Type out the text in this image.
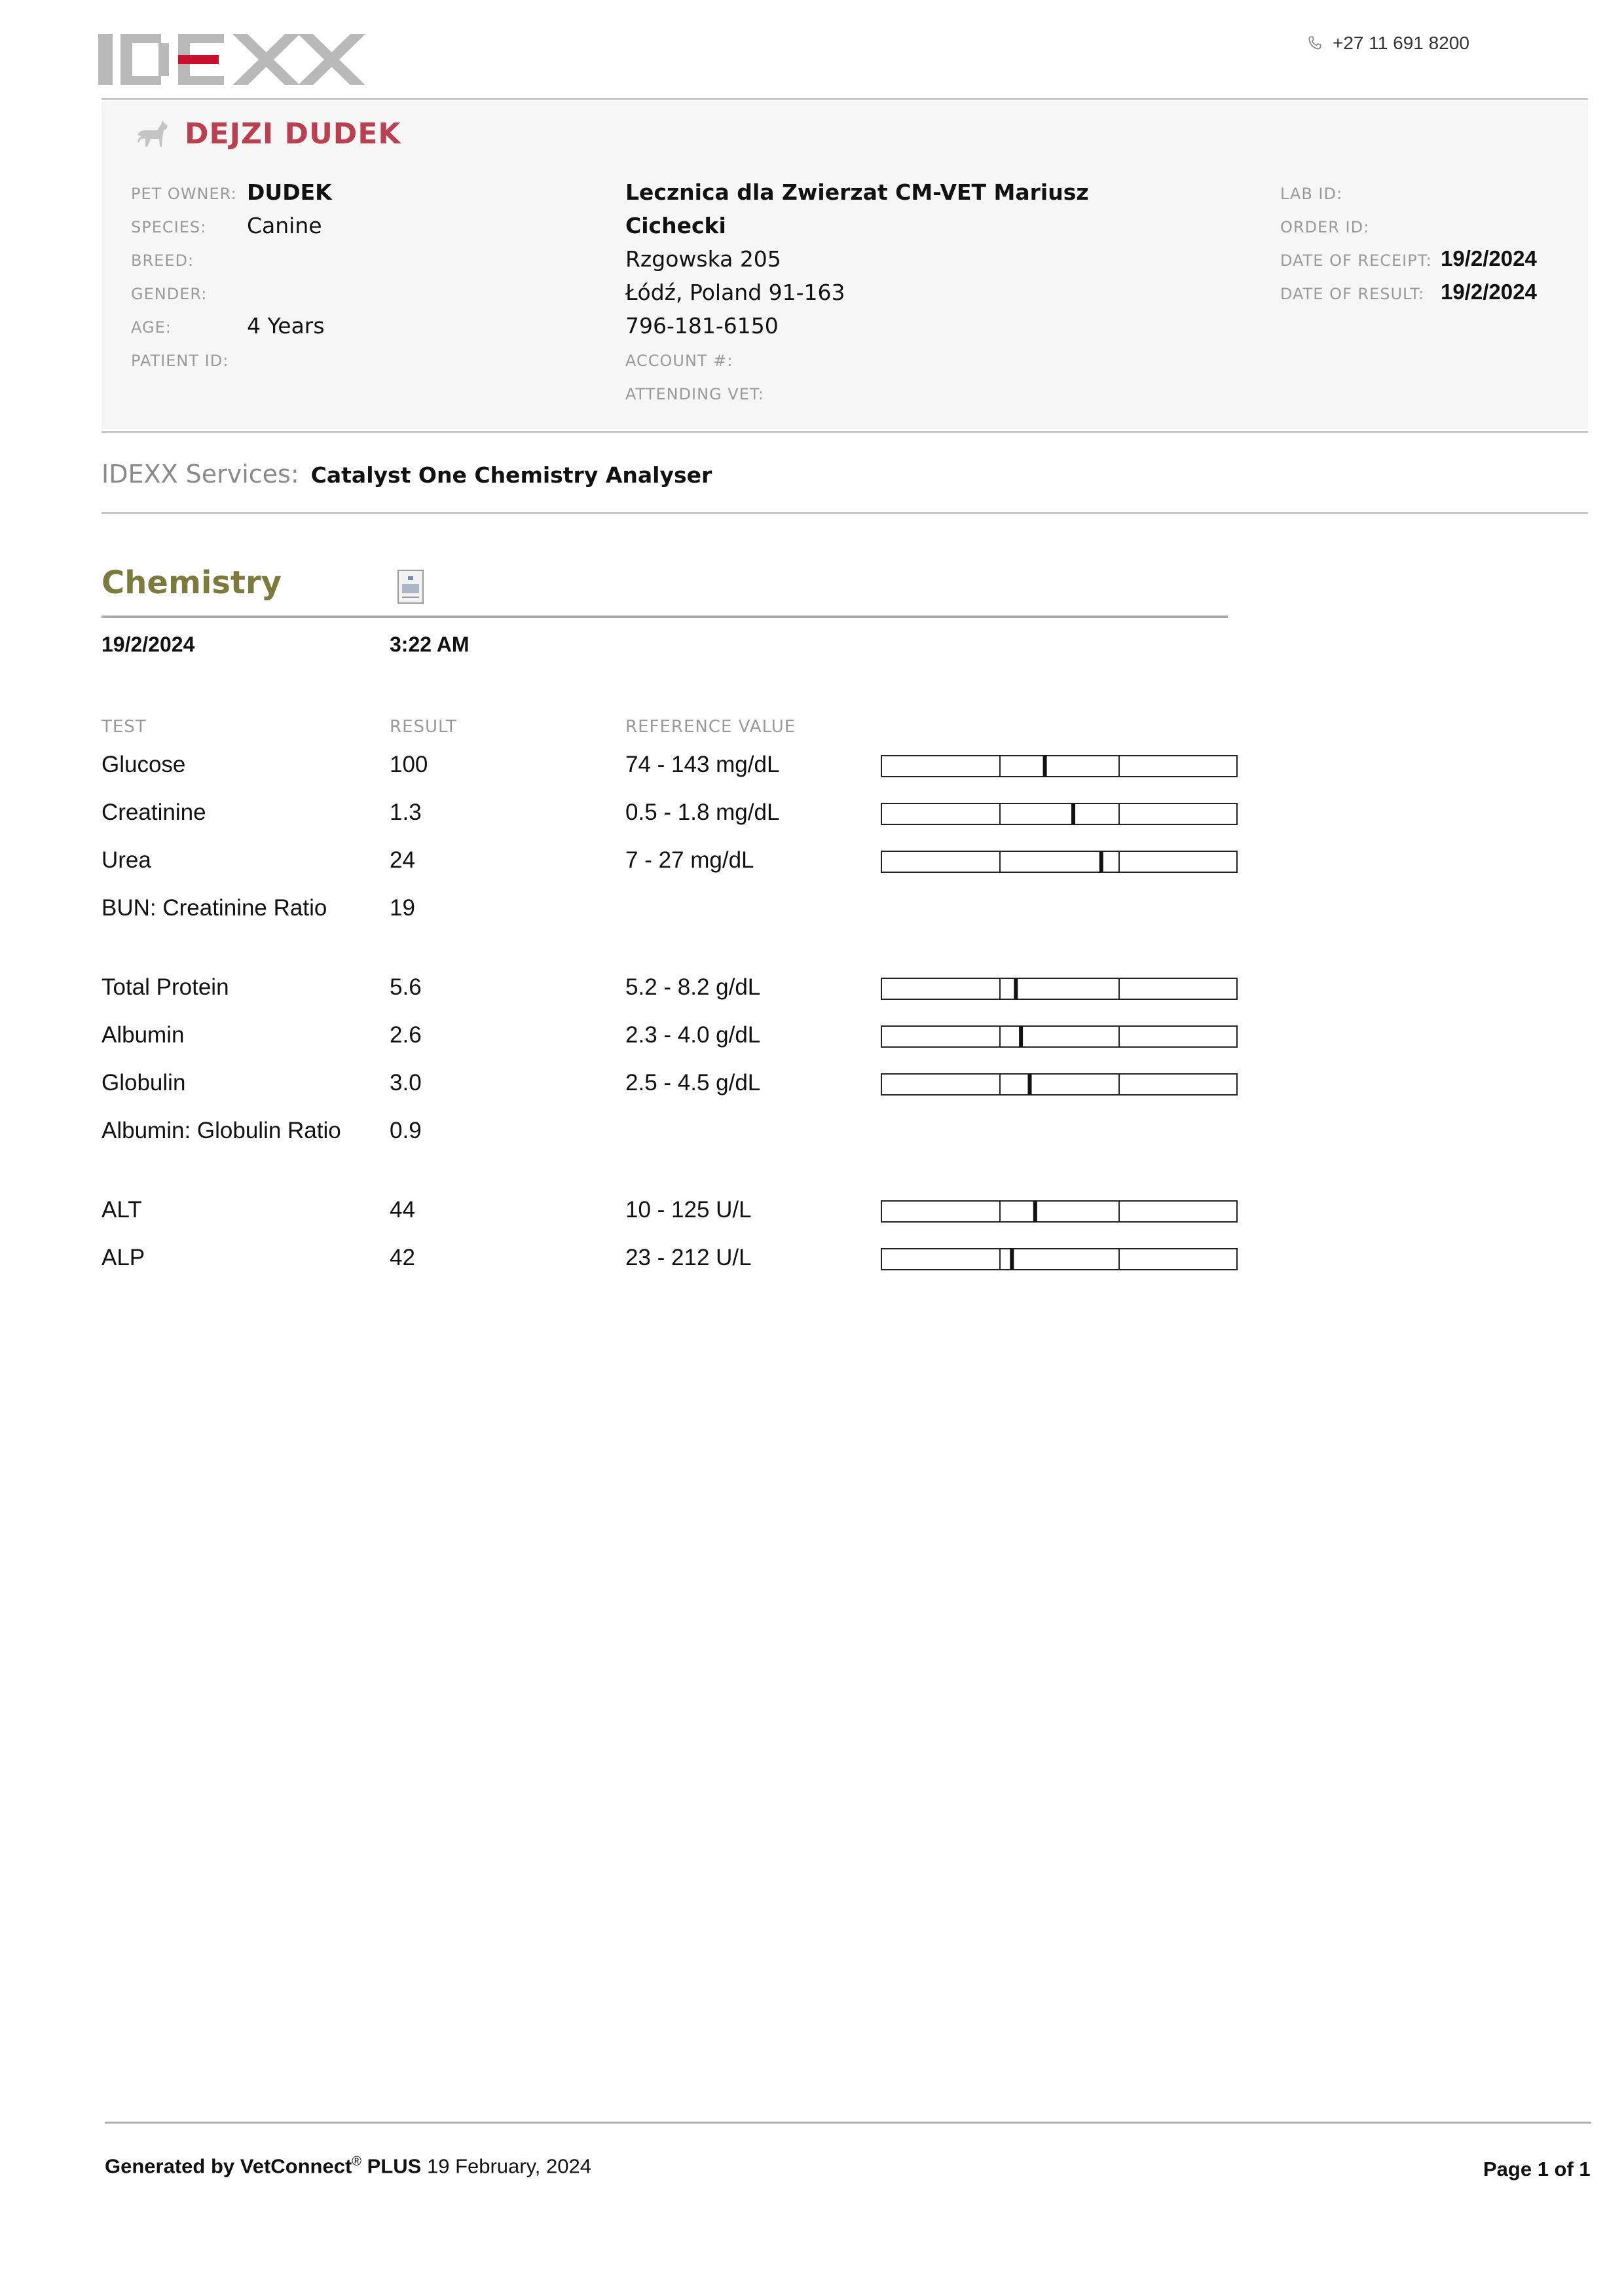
IDEXX
+27 11 691 8200
DEJZI DUDEK
PET OWNER: DUDEK
SPECIES: Canine
BREED:
GENDER:
AGE:	4 Years
PATIENT ID:
Lecznica dla Zwierzat CM-VET Mariusz
Cichecki
Rzgowska 205
Łódź, Poland 91-163
796-181-6150
ACCOUNT #:
ATTENDING VET:
LAB ID:
ORDER ID:
DATE OF RECEIPT: 19/2/2024
DATE OF RESULT: 19/2/2024
IDEXX Services: Catalyst One Chemistry Analyser
Chemistry
19/2/2024	3:22 AM
TEST	RESULT	REFERENCE VALUE
Glucose	100	74 - 143 mg/dL
Creatinine	1.3	0.5 - 1.8 mg/dL
Urea	24	7 - 27 mg/dL
BUN: Creatinine Ratio	19
Total Protein	5.6	5.2 - 8.2 g/dL
Albumin	2.6	2.3 - 4.0 g/dL
Globulin	3.0	2.5 - 4.5 g/dL
Albumin: Globulin Ratio	0.9
ALT	44	10 - 125 U/L
ALP	42	23 - 212 U/L
Generated by VetConnect® PLUS 19 February, 2024	Page 1 of 1
